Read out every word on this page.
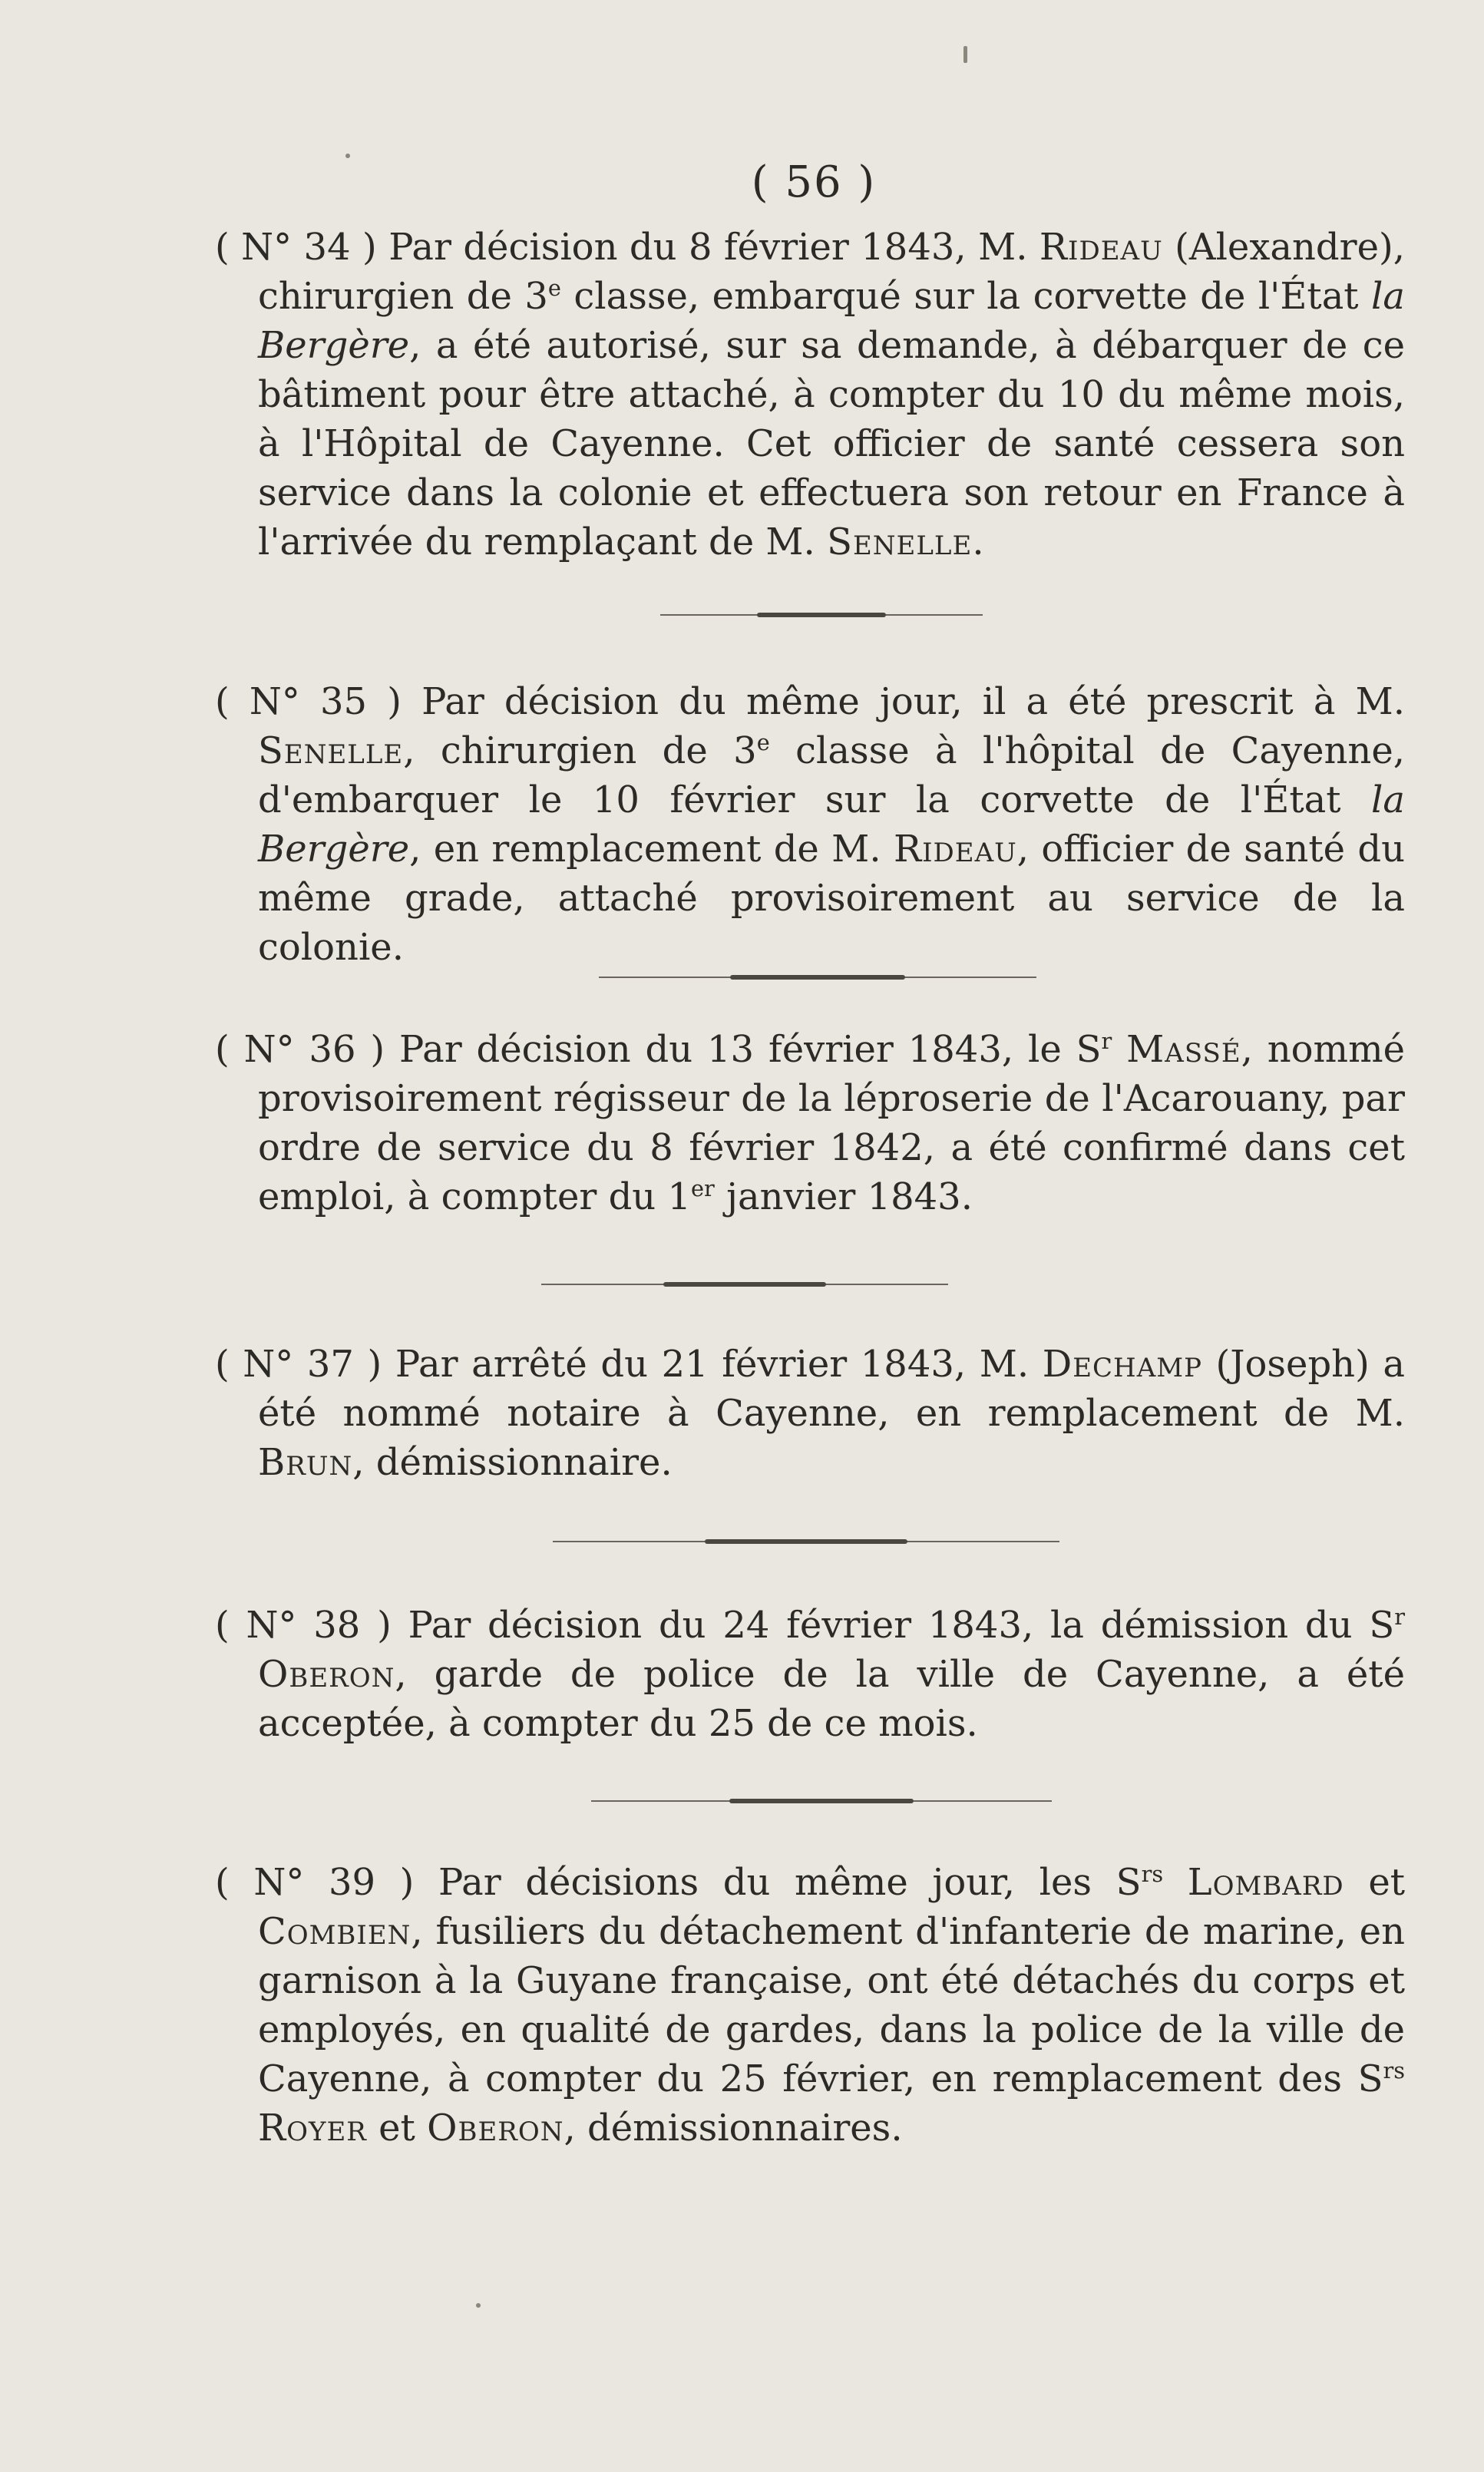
( 56 )
( N° 34 ) Par décision du 8 février 1843, M. Rideau (Alexandre), chirurgien de 3e classe, embarqué sur la corvette de l'État la Bergère, a été autorisé, sur sa demande, à débarquer de ce bâtiment pour être attaché, à compter du 10 du même mois, à l'Hôpital de Cayenne. Cet officier de santé cessera son service dans la colonie et effectuera son retour en France à l'arrivée du remplaçant de M. Senelle.
( N° 35 ) Par décision du même jour, il a été prescrit à M. Senelle, chirurgien de 3e classe à l'hôpital de Cayenne, d'embarquer le 10 février sur la corvette de l'État la Bergère, en remplacement de M. Rideau, officier de santé du même grade, attaché provisoirement au service de la colonie.
( N° 36 ) Par décision du 13 février 1843, le $S^r$ Massé, nommé provisoirement régisseur de la léproserie de l'Acarouany, par ordre de service du 8 février 1842, a été confirmé dans cet emploi, à compter du 1er janvier 1843.
( N° 37 ) Par arrêté du 21 février 1843, M. Dechamp (Joseph) a été nommé notaire à Cayenne, en remplacement de M. Brun, démissionnaire.
( N° 38 ) Par décision du 24 février 1843, la démission du $S^r$ Oberon, garde de police de la ville de Cayenne, a été acceptée, à compter du 25 de ce mois.
( N° 39 ) Par décisions du même jour, les $S^{rs}$ Lombard et Combien, fusiliers du détachement d'infanterie de marine, en garnison à la Guyane française, ont été détachés du corps et employés, en qualité de gardes, dans la police de la ville de Cayenne, à compter du 25 février, en remplacement des $S^{rs}$ Royer et Oberon, démissionnaires.
